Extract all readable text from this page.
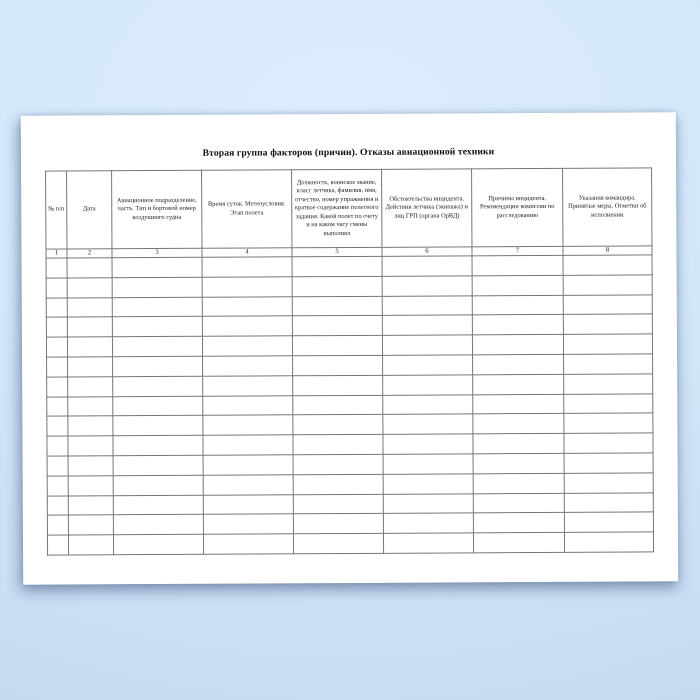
Вторая группа факторов (причин). Отказы авиационной техники
№ п/п	Дата	Авиационное подразделение, часть. Тип и бортовой номер воздушного судна	Время суток. Метеоусловия. Этап полета	Должность, воинское звание, класс летчика, фамилия, имя, отчество, номер упражнения и краткое содержание полетного задания. Какой полет по счету и на каком часу смены выполнял	Обстоятельства инцидента. Действия летчика (экипажа) и лиц ГРП (органа ОрВД)	Причины инцидента. Рекомендации комиссии по расследованию	Указания командира. Принятые меры. Отметки об исполнении
1	2	3	4	5	6	7	8
